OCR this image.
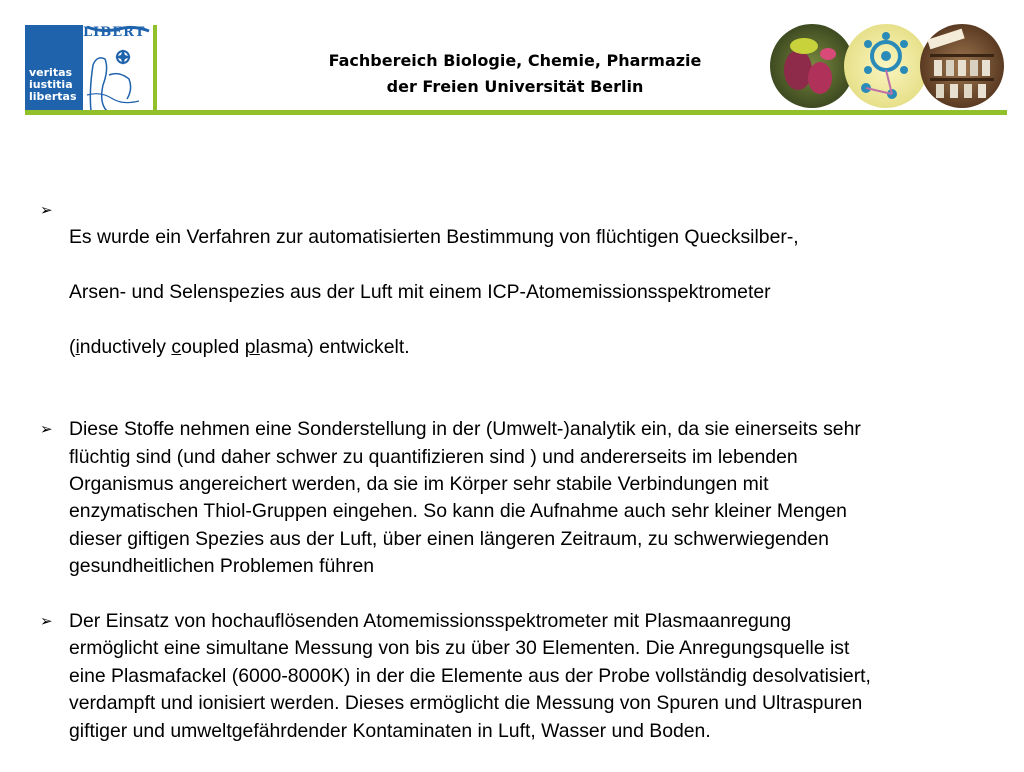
veritas
iustitia
libertas
LIBERT
Fachbereich Biologie, Chemie, Pharmazie
der Freien Universität Berlin
➢

Es wurde ein Verfahren zur automatisierten Bestimmung von flüchtigen Quecksilber-,

Arsen- und Selenspezies aus der Luft mit einem ICP-Atomemissionsspektrometer

(inductively coupled plasma) entwickelt.

➢ Diese Stoffe nehmen eine Sonderstellung in der (Umwelt-)analytik ein, da sie einerseits sehr
flüchtig sind (und daher schwer zu quantifizieren sind ) und andererseits im lebenden
Organismus angereichert werden, da sie im Körper sehr stabile Verbindungen mit
enzymatischen Thiol-Gruppen eingehen. So kann die Aufnahme auch sehr kleiner Mengen
dieser giftigen Spezies aus der Luft, über einen längeren Zeitraum, zu schwerwiegenden
gesundheitlichen Problemen führen
➢ Der Einsatz von hochauflösenden Atomemissionsspektrometer mit Plasmaanregung
ermöglicht eine simultane Messung von bis zu über 30 Elementen. Die Anregungsquelle ist
eine Plasmafackel (6000-8000K) in der die Elemente aus der Probe vollständig desolvatisiert,
verdampft und ionisiert werden. Dieses ermöglicht die Messung von Spuren und Ultraspuren
giftiger und umweltgefährdender Kontaminaten in Luft, Wasser und Boden.
